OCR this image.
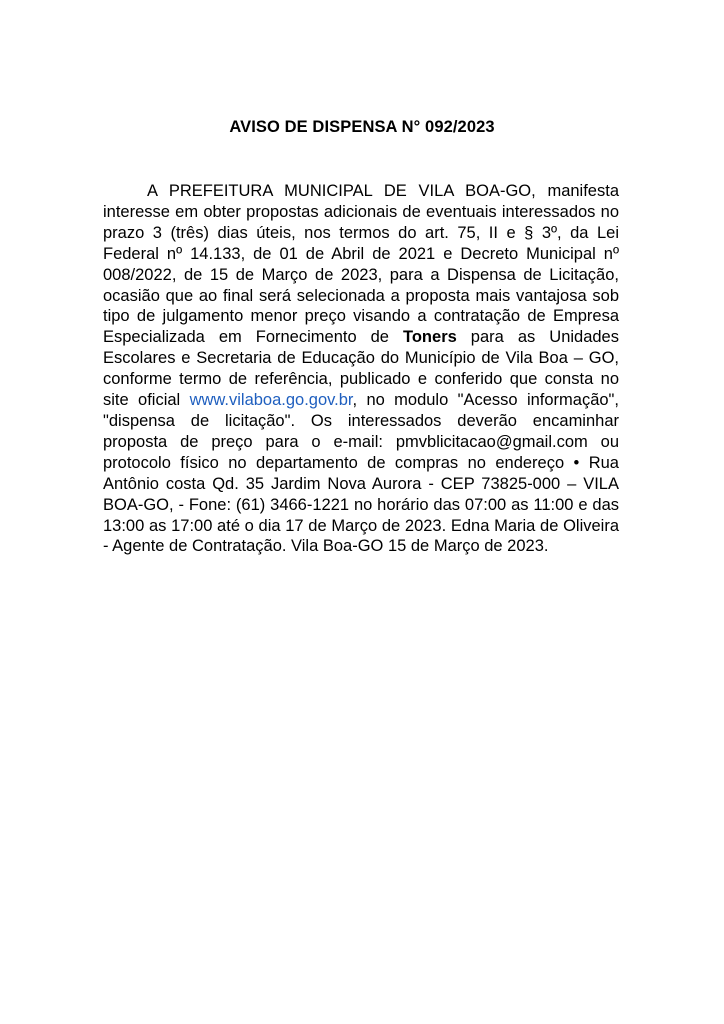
AVISO DE DISPENSA N° 092/2023

A PREFEITURA MUNICIPAL DE VILA BOA-GO, manifesta interesse em obter propostas adicionais de eventuais interessados no prazo 3 (três) dias úteis, nos termos do art. 75, II e § 3º, da Lei Federal nº 14.133, de 01 de Abril de 2021 e Decreto Municipal nº 008/2022, de 15 de Março de 2023, para a Dispensa de Licitação, ocasião que ao final será selecionada a proposta mais vantajosa sob tipo de julgamento menor preço visando a contratação de Empresa Especializada em Fornecimento de Toners para as Unidades Escolares e Secretaria de Educação do Município de Vila Boa – GO, conforme termo de referência, publicado e conferido que consta no site oficial www.vilaboa.go.gov.br, no modulo "Acesso informação", "dispensa de licitação". Os interessados deverão encaminhar proposta de preço para o e-mail: pmvblicitacao@gmail.com ou protocolo físico no departamento de compras no endereço • Rua Antônio costa Qd. 35 Jardim Nova Aurora - CEP 73825-000 – VILA BOA-GO, - Fone: (61) 3466-1221 no horário das 07:00 as 11:00 e das 13:00 as 17:00 até o dia 17 de Março de 2023. Edna Maria de Oliveira - Agente de Contratação. Vila Boa-GO 15 de Março de 2023.
